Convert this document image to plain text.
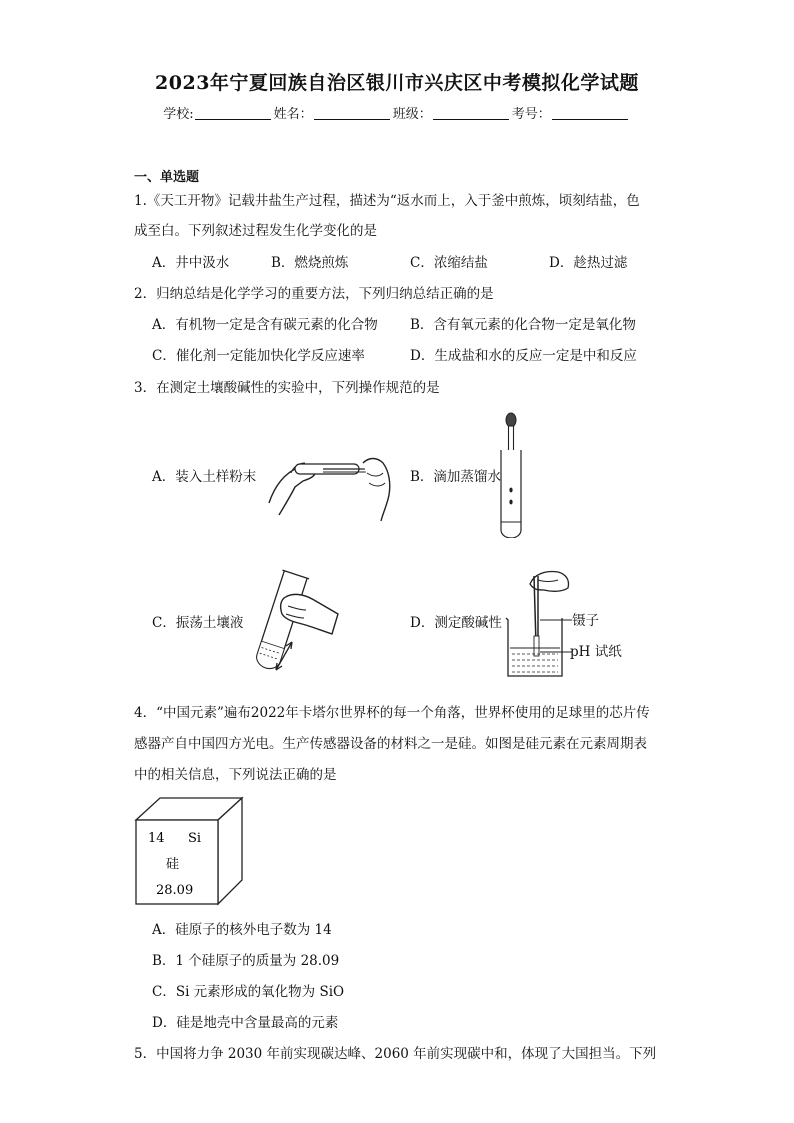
2023年宁夏回族自治区银川市兴庆区中考模拟化学试题
学校:	姓名：	班级：	考号：
一、单选题
1.《天工开物》记载井盐生产过程，描述为“返水而上，入于釜中煎炼，顷刻结盐，色
成至白。下列叙述过程发生化学变化的是
A．井中汲水	B．燃烧煎炼	C．浓缩结盐	D．趁热过滤
2．归纳总结是化学学习的重要方法，下列归纳总结正确的是
A．有机物一定是含有碳元素的化合物 B．含有氧元素的化合物一定是氧化物
C．催化剂一定能加快化学反应速率	D．生成盐和水的反应一定是中和反应
3．在测定土壤酸碱性的实验中，下列操作规范的是
A．装入土样粉末	B．滴加蒸馏水
C．振荡土壤液	D．测定酸碱性	镊子
pH 试纸
4．“中国元素”遍布2022年卡塔尔世界杯的每一个角落，世界杯使用的足球里的芯片传
感器产自中国四方光电。生产传感器设备的材料之一是硅。如图是硅元素在元素周期表
中的相关信息，下列说法正确的是
14 Si
硅
28.09
A．硅原子的核外电子数为 14
B．1 个硅原子的质量为 28.09
C．Si 元素形成的氧化物为 SiO
D．硅是地壳中含量最高的元素
5．中国将力争 2030 年前实现碳达峰、2060 年前实现碳中和，体现了大国担当。下列
